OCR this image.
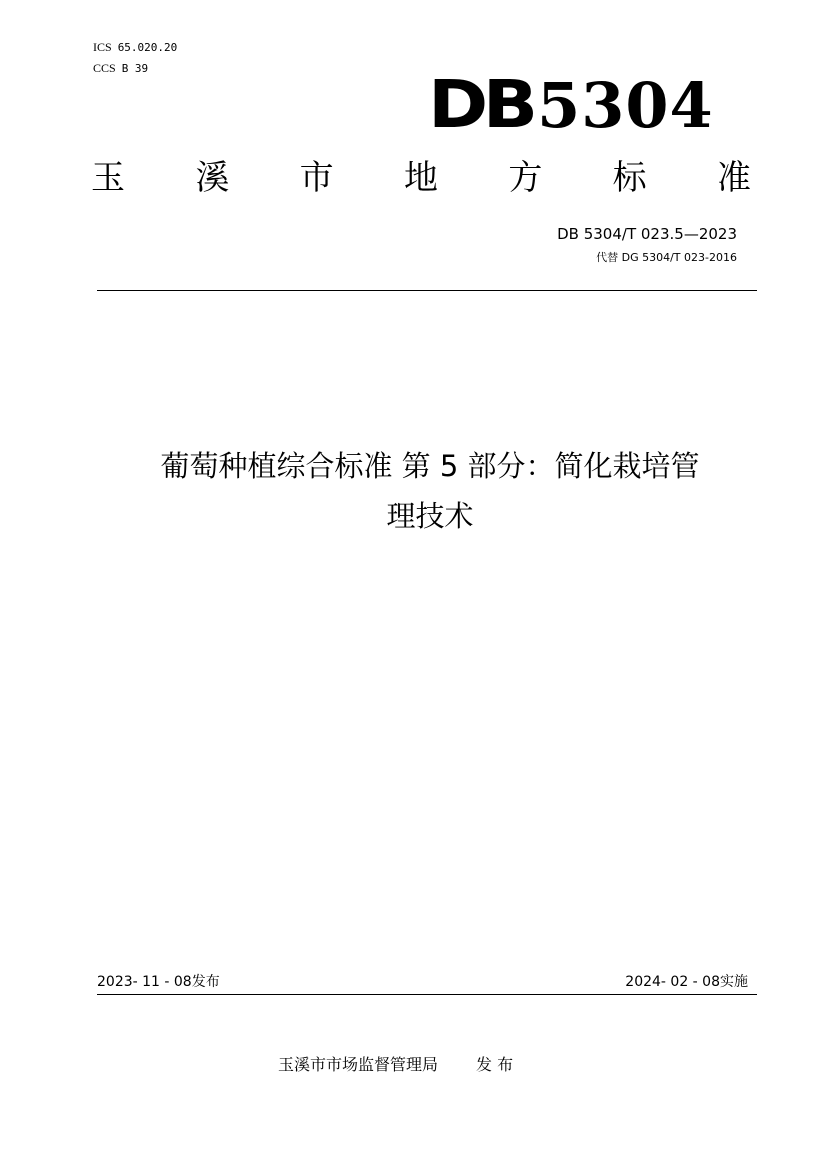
ICS 65.020.20
CCS B 39	DB5304
玉 溪 市 地 方 标 准
DB 5304/T 023.5—2023
代替 DG 5304/T 023-2016
葡萄种植综合标准 第 5 部分：简化栽培管
理技术
2023- 11 - 08发布	2024- 02 - 08实施
玉溪市市场监督管理局 发 布
